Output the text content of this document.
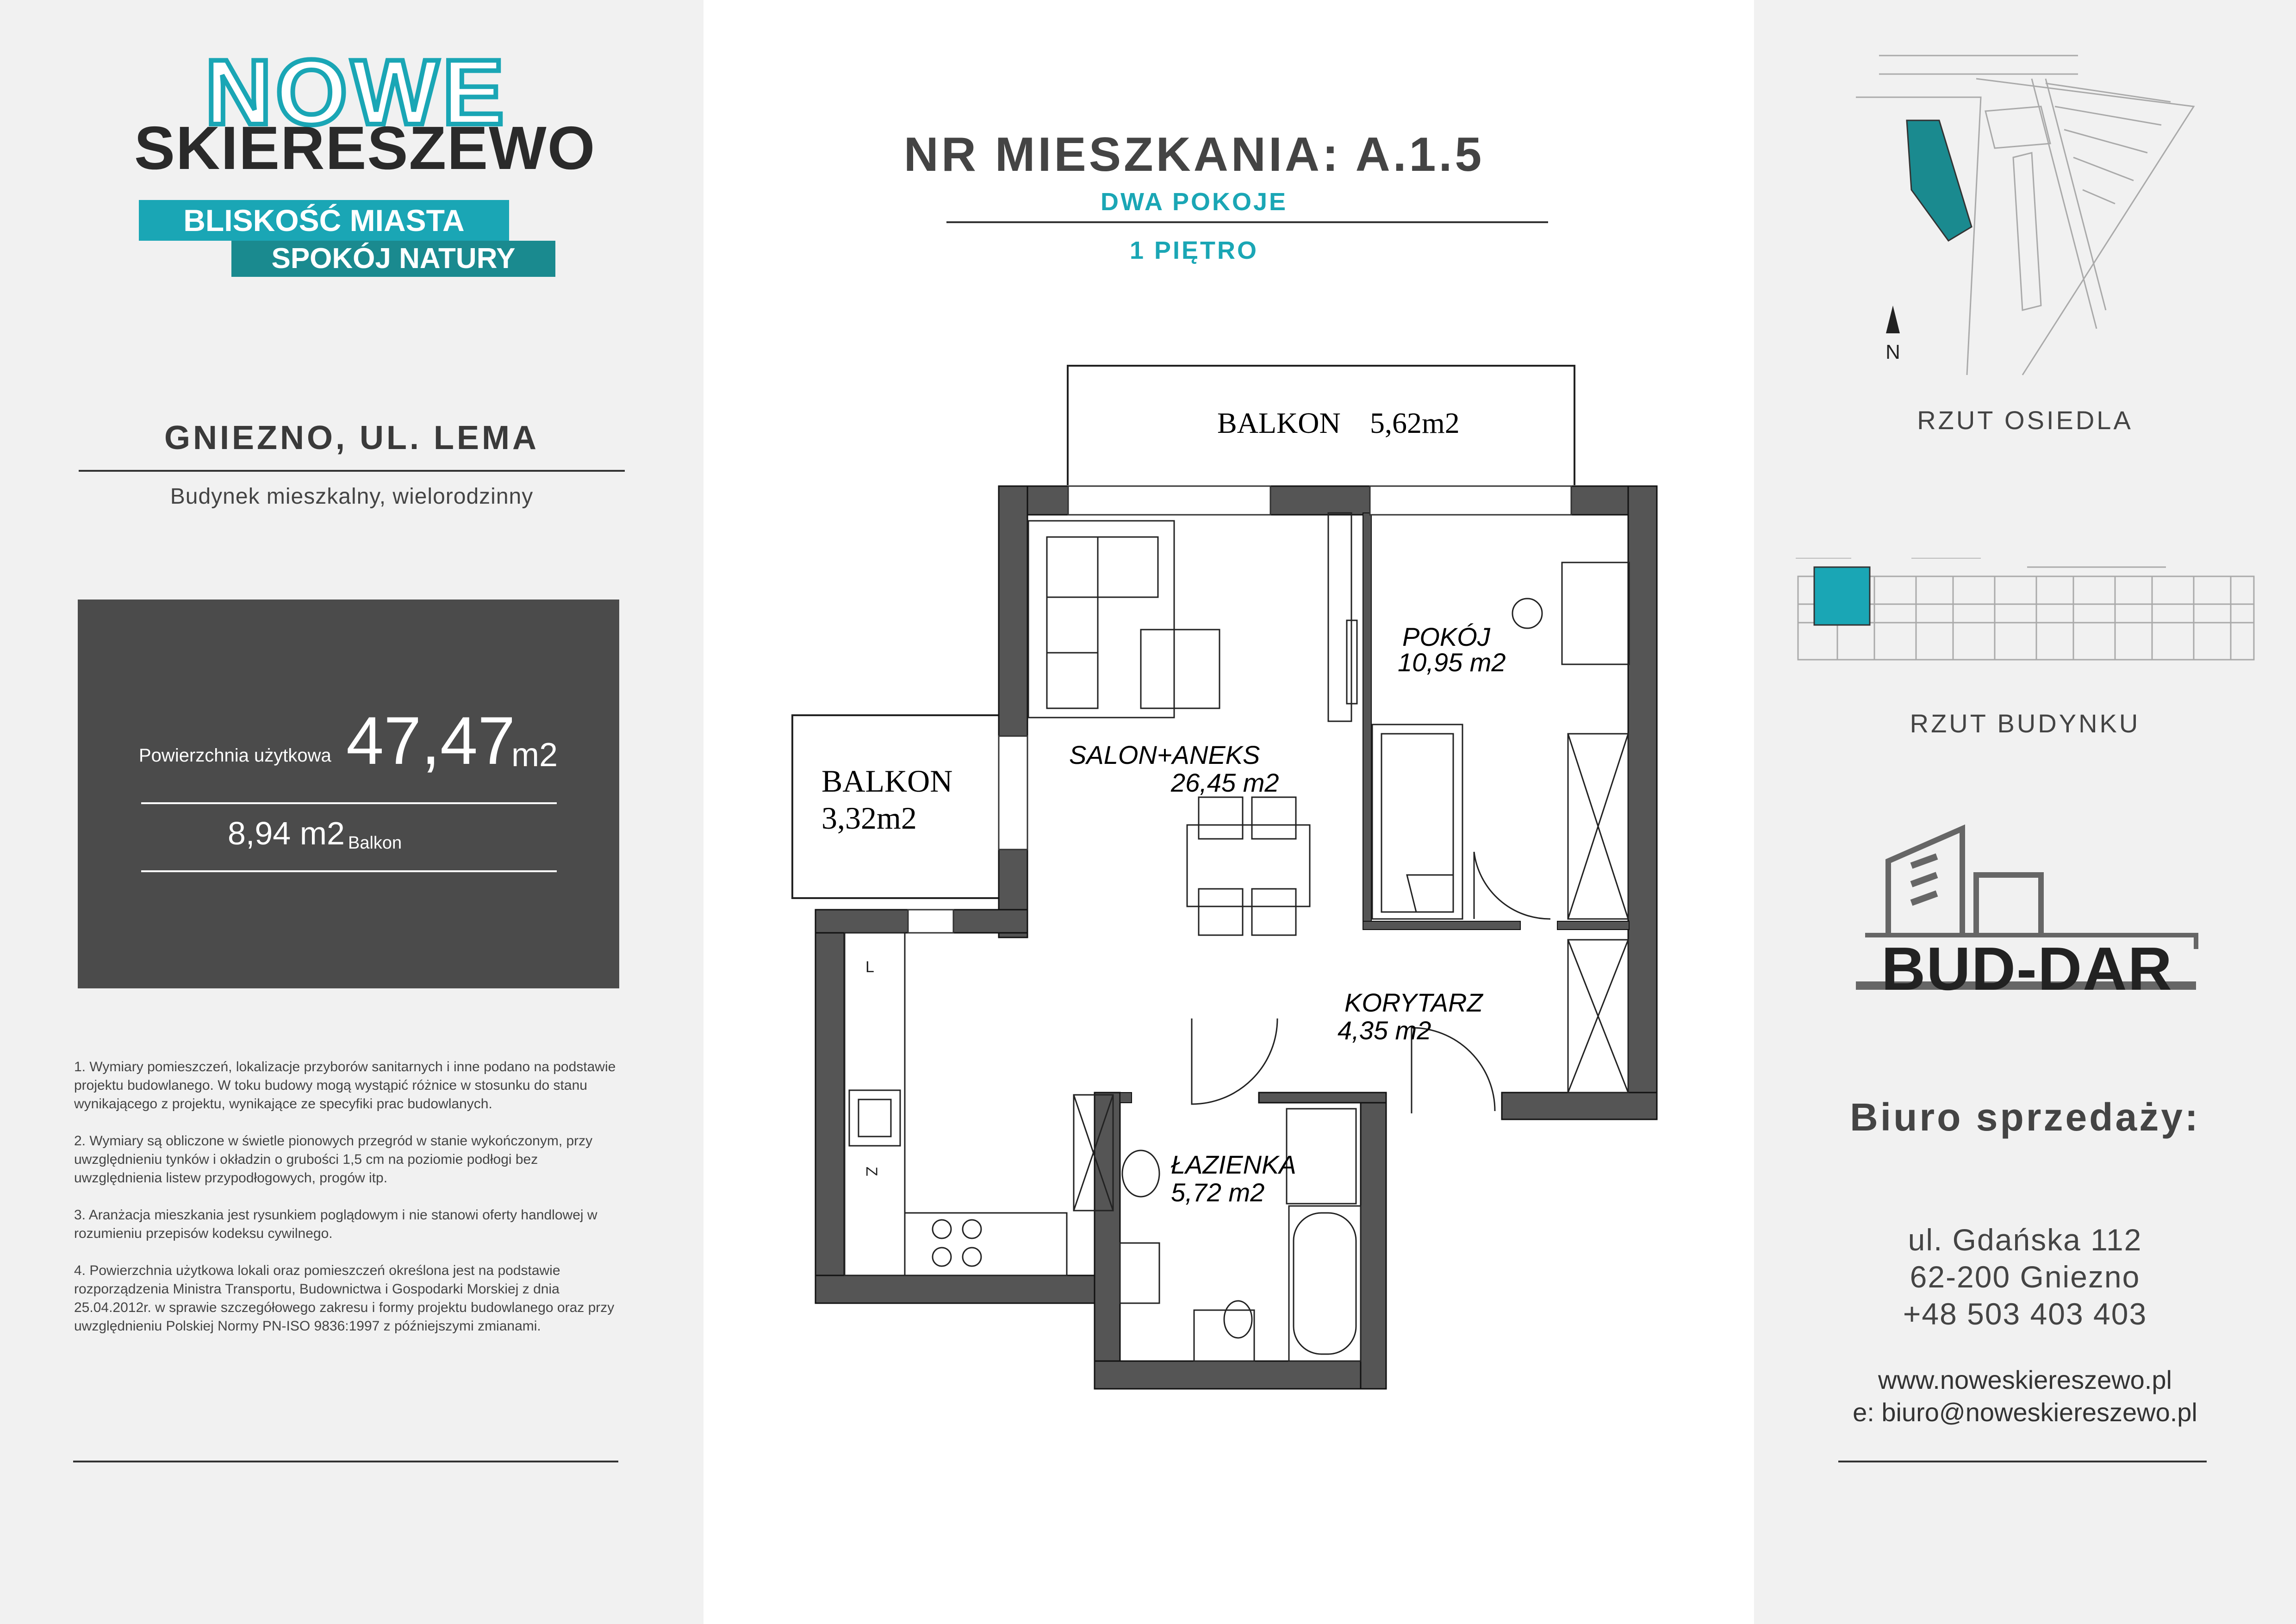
NOWE
SKIERESZEWO
BLISKOŚĆ MIASTA
SPOKÓJ NATURY
GNIEZNO, UL. LEMA
Budynek mieszkalny, wielorodzinny
Powierzchnia użytkowa 47,47
m2
8,94 m2 Balkon

1. Wymiary pomieszczeń, lokalizacje przyborów sanitarnych i inne podano na podstawie projektu budowlanego. W toku budowy mogą wystąpić różnice w stosunku do stanu wynikającego z projektu, wynikające ze specyfiki prac budowlanych.

2. Wymiary są obliczone w świetle pionowych przegród w stanie wykończonym, przy uwzględnieniu tynków i okładzin o grubości 1,5 cm na poziomie podłogi bez uwzględnienia listew przypodłogowych, progów itp.

3. Aranżacja mieszkania jest rysunkiem poglądowym i nie stanowi oferty handlowej w rozumieniu przepisów kodeksu cywilnego.

4. Powierzchnia użytkowa lokali oraz pomieszczeń określona jest na podstawie rozporządzenia Ministra Transportu, Budownictwa i Gospodarki Morskiej z dnia 25.04.2012r. w sprawie szczegółowego zakresu i formy projektu budowlanego oraz przy uwzględnieniu Polskiej Normy PN-ISO 9836:1997 z późniejszymi zmianami.

NR MIESZKANIA: A.1.5
DWA POKOJE
1 PIĘTRO
BALKON 5,62m2
BALKON
3,32m2
SALON+ANEKS
26,45 m2
POKÓJ
10,95 m2
KORYTARZ
4,35 m2
ŁAZIENKA
5,72 m2
L
Z
N
RZUT OSIEDLA
RZUT BUDYNKU
BUD-DAR
Biuro sprzedaży:
ul. Gdańska 112
62-200 Gniezno
+48 503 403 403
www.noweskiereszewo.pl
e: biuro@noweskiereszewo.pl
